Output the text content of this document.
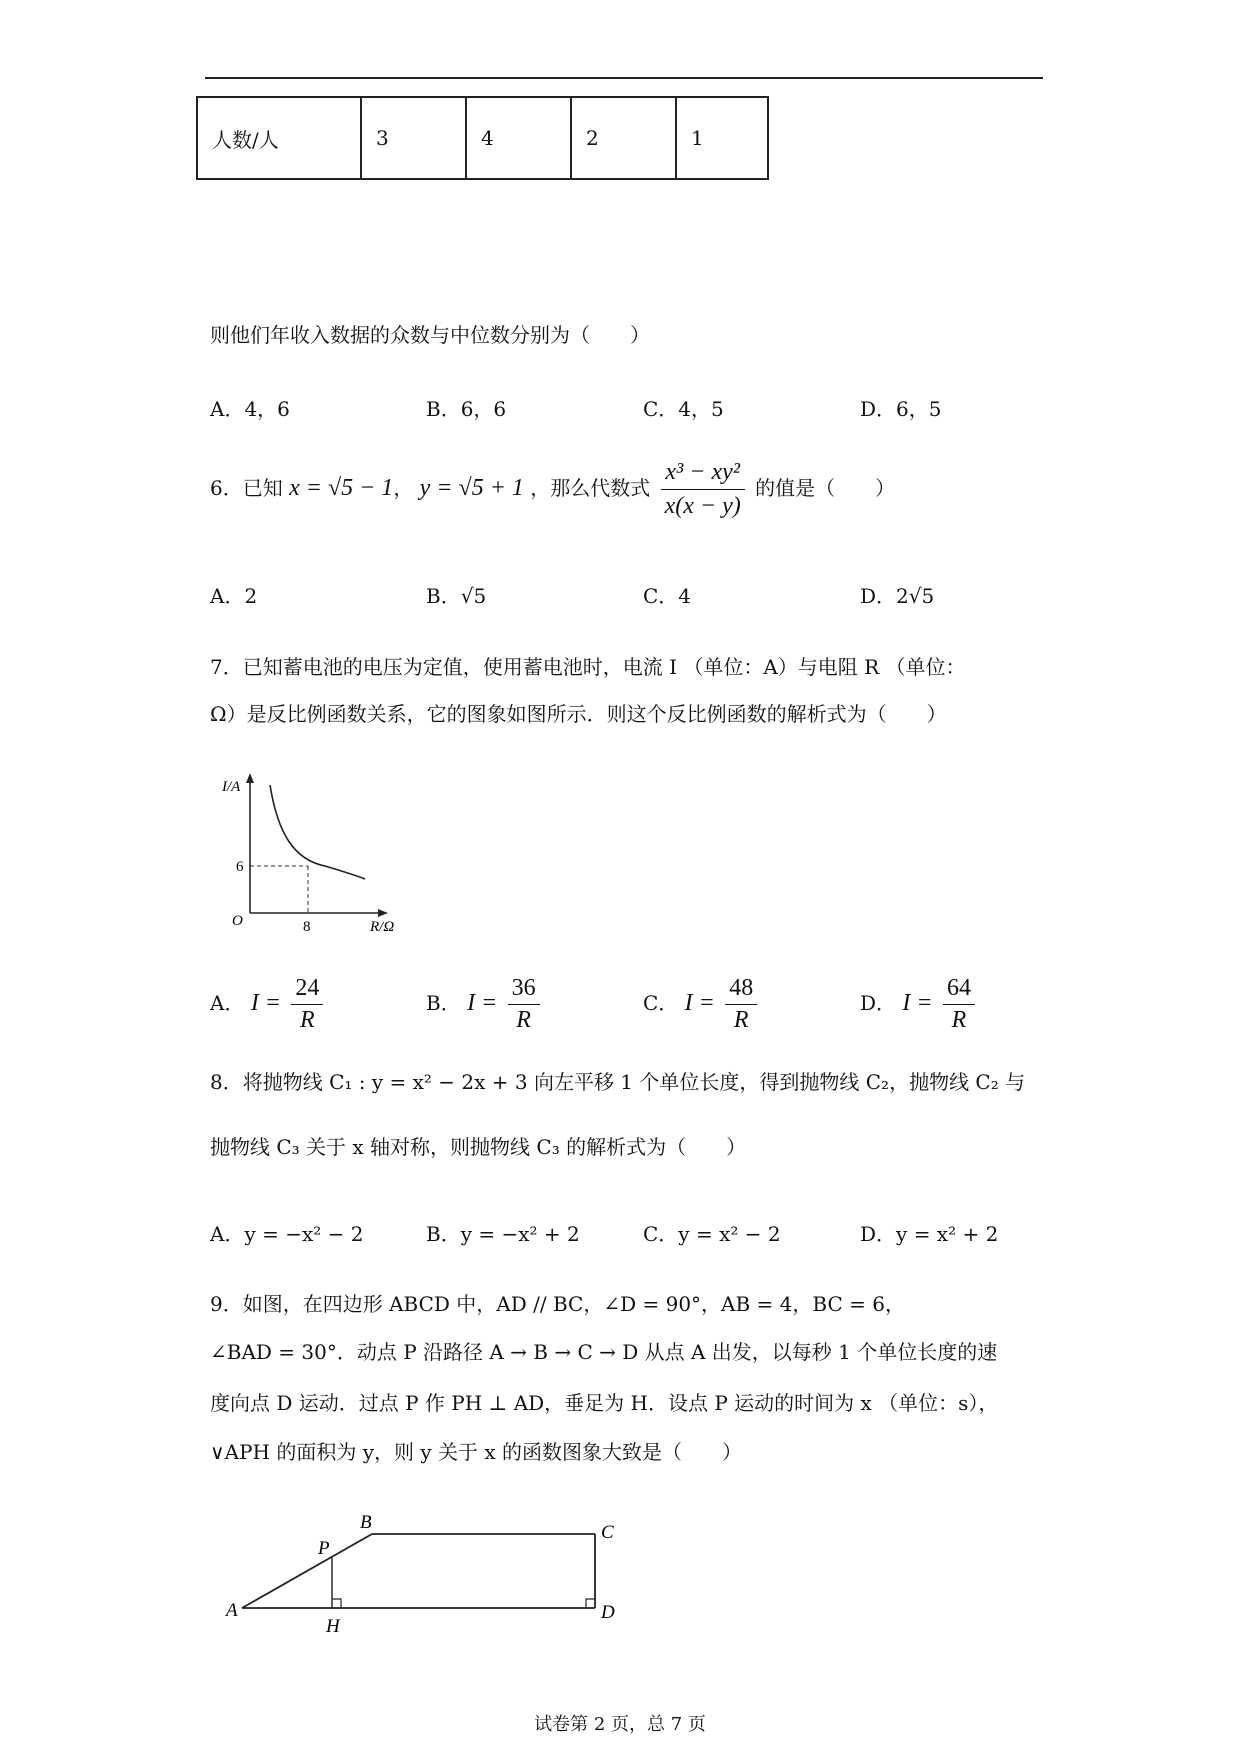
人数/人	3	4	2	1
则他们年收入数据的众数与中位数分别为（　　）
A．4，6	B．6，6	C．4，5	D．6，5
6．已知 x = √5 − 1， y = √5 + 1 ，那么代数式 $\frac{\text{x³ − xy²}}{x(x - y)}$ 的值是（　　）
A．2	B．√5	C．4	D．2√5
7．已知蓄电池的电压为定值，使用蓄电池时，电流 I （单位：A）与电阻 R （单位：
Ω）是反比例函数关系，它的图象如图所示．则这个反比例函数的解析式为（　　）
I/A
6
O	8	R/Ω
A． $I = \frac{24}{R}$	B． $I = \frac{36}{R}$	C． $I = \frac{48}{R}$	D． $I = \frac{64}{R}$
8．将抛物线 C₁ : y = x² − 2x + 3 向左平移 1 个单位长度，得到抛物线 C₂，抛物线 C₂ 与
抛物线 C₃ 关于 x 轴对称，则抛物线 C₃ 的解析式为（　　）
A．y = −x² − 2	B．y = −x² + 2	C．y = x² − 2	D．y = x² + 2
9．如图，在四边形 ABCD 中，AD // BC，∠D = 90°，AB = 4，BC = 6，
∠BAD = 30°．动点 P 沿路径 A → B → C → D 从点 A 出发，以每秒 1 个单位长度的速
度向点 D 运动．过点 P 作 PH ⊥ AD，垂足为 H．设点 P 运动的时间为 x （单位：s），
∨APH 的面积为 y，则 y 关于 x 的函数图象大致是（　　）
A
B	C
D
P
H
试卷第 2 页，总 7 页
